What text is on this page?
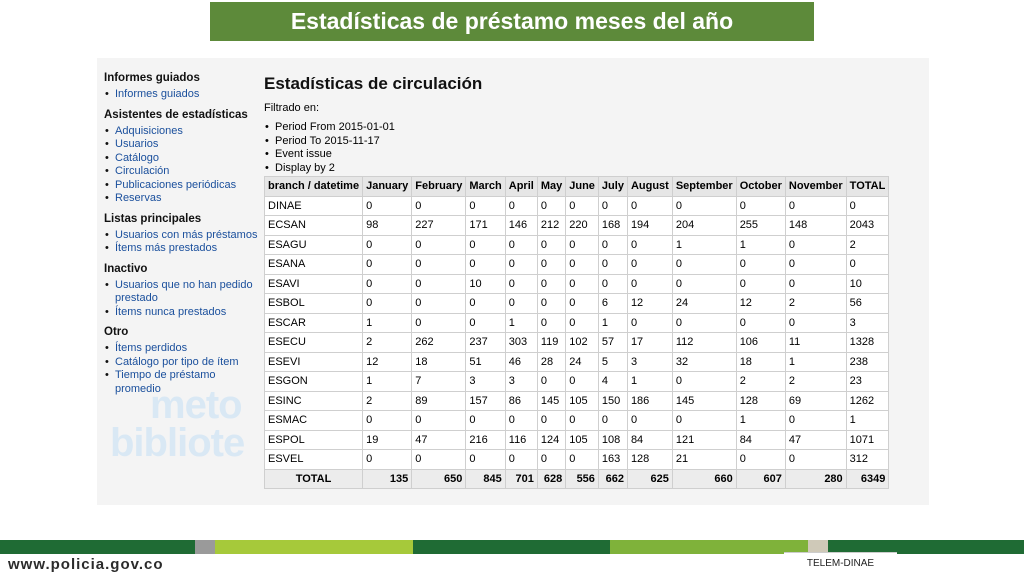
Estadísticas de préstamo meses del año
meto
bibliote
Informes guiados
• Informes guiados
Asistentes de estadísticas
• Adquisiciones
• Usuarios
• Catálogo
• Circulación
• Publicaciones periódicas
• Reservas
Listas principales
• Usuarios con más préstamos
• Ítems más prestados
Inactivo
• Usuarios que no han pedido prestado
• Ítems nunca prestados
Otro
• Ítems perdidos
• Catálogo por tipo de ítem
• Tiempo de préstamo promedio
Estadísticas de circulación
Filtrado en:
• Period From 2015-01-01
• Period To 2015-11-17
• Event issue
• Display by 2
branch / datetime	January	February	March	April	May	June	July	August	September	October	November	TOTAL
DINAE	0	0	0	0	0	0	0	0	0	0	0	0
ECSAN	98	227	171	146	212	220	168	194	204	255	148	2043
ESAGU	0	0	0	0	0	0	0	0	1	1	0	2
ESANA	0	0	0	0	0	0	0	0	0	0	0	0
ESAVI	0	0	10	0	0	0	0	0	0	0	0	10
ESBOL	0	0	0	0	0	0	6	12	24	12	2	56
ESCAR	1	0	0	1	0	0	1	0	0	0	0	3
ESECU	2	262	237	303	119	102	57	17	112	106	11	1328
ESEVI	12	18	51	46	28	24	5	3	32	18	1	238
ESGON	1	7	3	3	0	0	4	1	0	2	2	23
ESINC	2	89	157	86	145	105	150	186	145	128	69	1262
ESMAC	0	0	0	0	0	0	0	0	0	1	0	1
ESPOL	19	47	216	116	124	105	108	84	121	84	47	1071
ESVEL	0	0	0	0	0	0	163	128	21	0	0	312
TOTAL	135	650	845	701	628	556	662	625	660	607	280	6349
www.policia.gov.co	TELEM-DINAE
